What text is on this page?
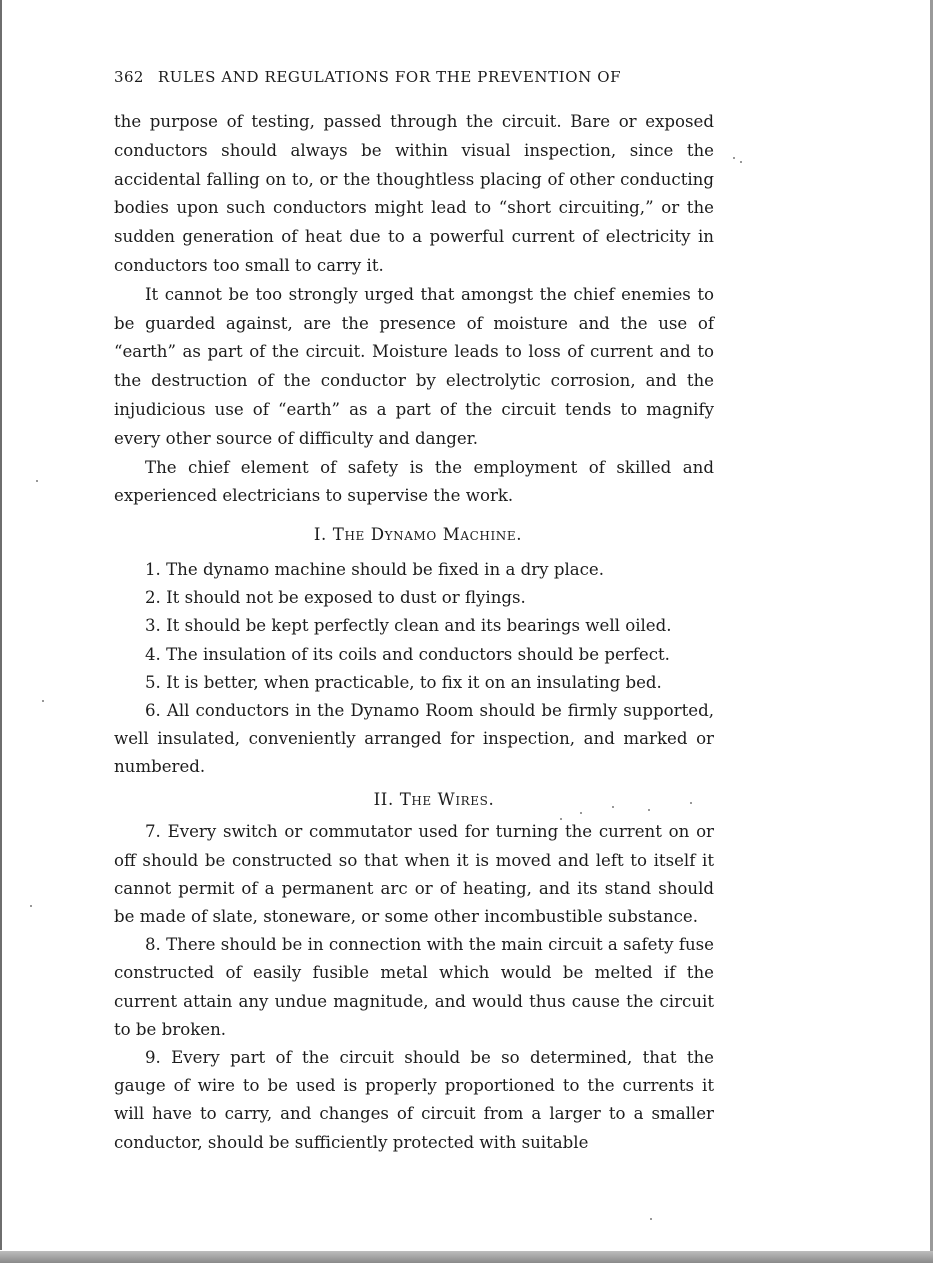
362 RULES AND REGULATIONS FOR THE PREVENTION OF

the purpose of testing, passed through the circuit. Bare or exposed conductors should always be within visual inspection, since the accidental falling on to, or the thoughtless placing of other conducting bodies upon such conductors might lead to “short circuiting,” or the sudden generation of heat due to a powerful current of electricity in conductors too small to carry it.

It cannot be too strongly urged that amongst the chief enemies to be guarded against, are the presence of moisture and the use of “earth” as part of the circuit. Moisture leads to loss of current and to the destruction of the conductor by electrolytic corrosion, and the injudicious use of “earth” as a part of the circuit tends to magnify every other source of difficulty and danger.

The chief element of safety is the employment of skilled and experienced electricians to supervise the work.

I. The Dynamo Machine.

1. The dynamo machine should be fixed in a dry place.

2. It should not be exposed to dust or flyings.

3. It should be kept perfectly clean and its bearings well oiled.

4. The insulation of its coils and conductors should be perfect.

5. It is better, when practicable, to fix it on an insulating bed.

6. All conductors in the Dynamo Room should be firmly supported, well insulated, conveniently arranged for inspection, and marked or numbered.

II. The Wires.

7. Every switch or commutator used for turning the current on or off should be constructed so that when it is moved and left to itself it cannot permit of a permanent arc or of heating, and its stand should be made of slate, stoneware, or some other incombustible substance.

8. There should be in connection with the main circuit a safety fuse constructed of easily fusible metal which would be melted if the current attain any undue magnitude, and would thus cause the circuit to be broken.

9. Every part of the circuit should be so determined, that the gauge of wire to be used is properly proportioned to the currents it will have to carry, and changes of circuit from a larger to a smaller conductor, should be sufficiently protected with suitable
